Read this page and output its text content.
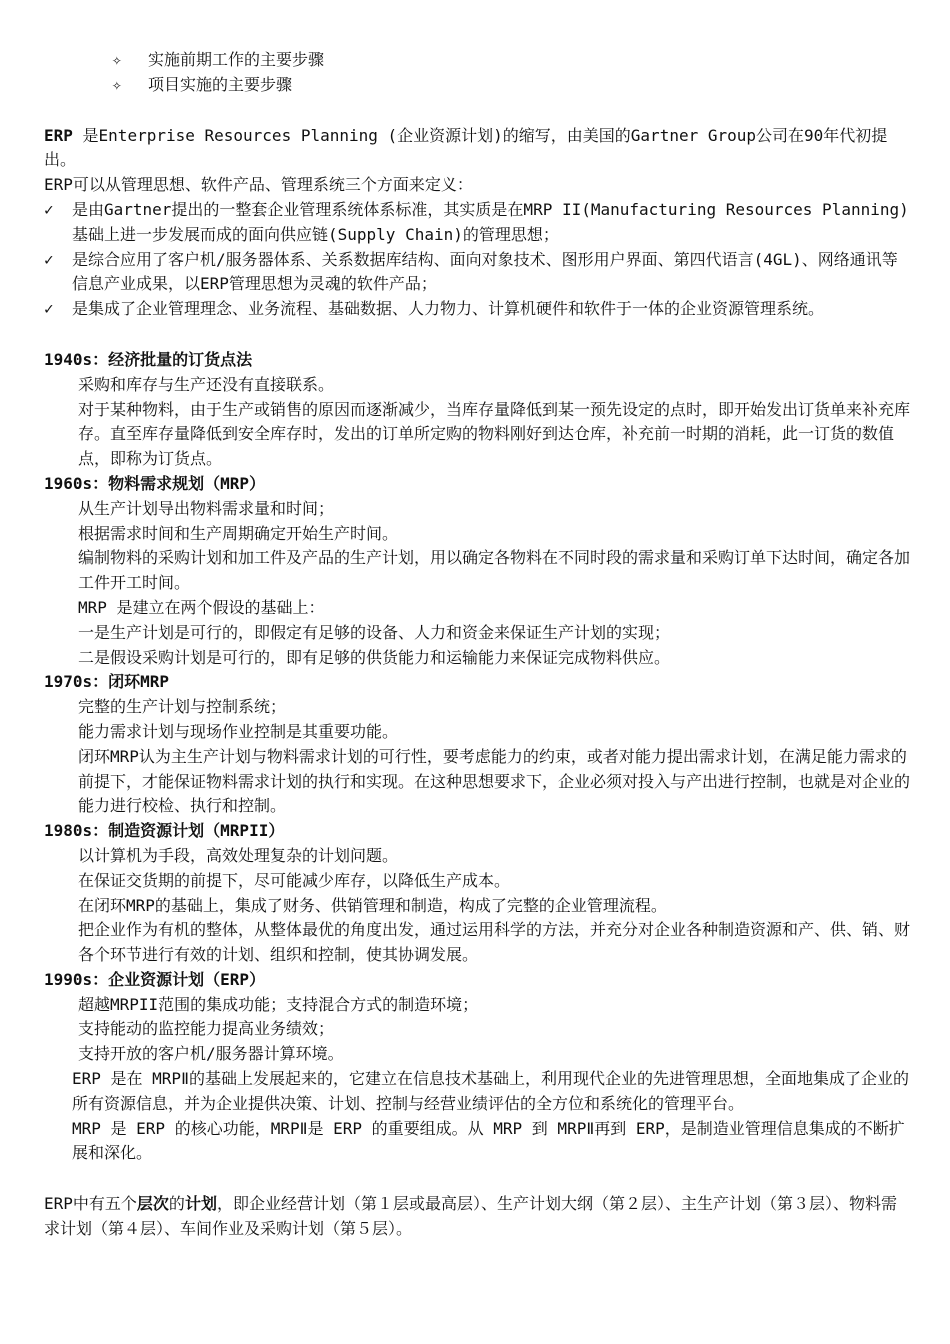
✧	实施前期工作的主要步骤
✧	项目实施的主要步骤

ERP 是Enterprise Resources Planning (企业资源计划)的缩写，由美国的Gartner Group公司在90年代初提出。

ERP可以从管理思想、软件产品、管理系统三个方面来定义：

✓	是由Gartner提出的一整套企业管理系统体系标准，其实质是在MRP II(Manufacturing Resources Planning)基础上进一步发展而成的面向供应链(Supply Chain)的管理思想；
✓	是综合应用了客户机/服务器体系、关系数据库结构、面向对象技术、图形用户界面、第四代语言(4GL)、网络通讯等信息产业成果，以ERP管理思想为灵魂的软件产品；
✓	是集成了企业管理理念、业务流程、基础数据、人力物力、计算机硬件和软件于一体的企业资源管理系统。

1940s：经济批量的订货点法

采购和库存与生产还没有直接联系。

对于某种物料，由于生产或销售的原因而逐渐减少，当库存量降低到某一预先设定的点时，即开始发出订货单来补充库存。直至库存量降低到安全库存时，发出的订单所定购的物料刚好到达仓库，补充前一时期的消耗，此一订货的数值点，即称为订货点。

1960s：物料需求规划（MRP）

从生产计划导出物料需求量和时间；

根据需求时间和生产周期确定开始生产时间。

编制物料的采购计划和加工件及产品的生产计划，用以确定各物料在不同时段的需求量和采购订单下达时间，确定各加工件开工时间。

MRP 是建立在两个假设的基础上：

一是生产计划是可行的，即假定有足够的设备、人力和资金来保证生产计划的实现；

二是假设采购计划是可行的，即有足够的供货能力和运输能力来保证完成物料供应。

1970s：闭环MRP

完整的生产计划与控制系统；

能力需求计划与现场作业控制是其重要功能。

闭环MRP认为主生产计划与物料需求计划的可行性，要考虑能力的约束，或者对能力提出需求计划，在满足能力需求的前提下，才能保证物料需求计划的执行和实现。在这种思想要求下，企业必须对投入与产出进行控制，也就是对企业的能力进行校检、执行和控制。

1980s：制造资源计划（MRPII）

以计算机为手段，高效处理复杂的计划问题。

在保证交货期的前提下，尽可能减少库存，以降低生产成本。

在闭环MRP的基础上，集成了财务、供销管理和制造，构成了完整的企业管理流程。

把企业作为有机的整体，从整体最优的角度出发，通过运用科学的方法，并充分对企业各种制造资源和产、供、销、财各个环节进行有效的计划、组织和控制，使其协调发展。

1990s：企业资源计划（ERP）

超越MRPII范围的集成功能；支持混合方式的制造环境；

支持能动的监控能力提高业务绩效；

支持开放的客户机/服务器计算环境。

ERP 是在 MRPⅡ的基础上发展起来的，它建立在信息技术基础上，利用现代企业的先进管理思想，全面地集成了企业的所有资源信息，并为企业提供决策、计划、控制与经营业绩评估的全方位和系统化的管理平台。

MRP 是 ERP 的核心功能，MRPⅡ是 ERP 的重要组成。从 MRP 到 MRPⅡ再到 ERP，是制造业管理信息集成的不断扩展和深化。

ERP中有五个层次的计划，即企业经营计划（第１层或最高层）、生产计划大纲（第２层）、主生产计划（第３层）、物料需求计划（第４层）、车间作业及采购计划（第５层）。
